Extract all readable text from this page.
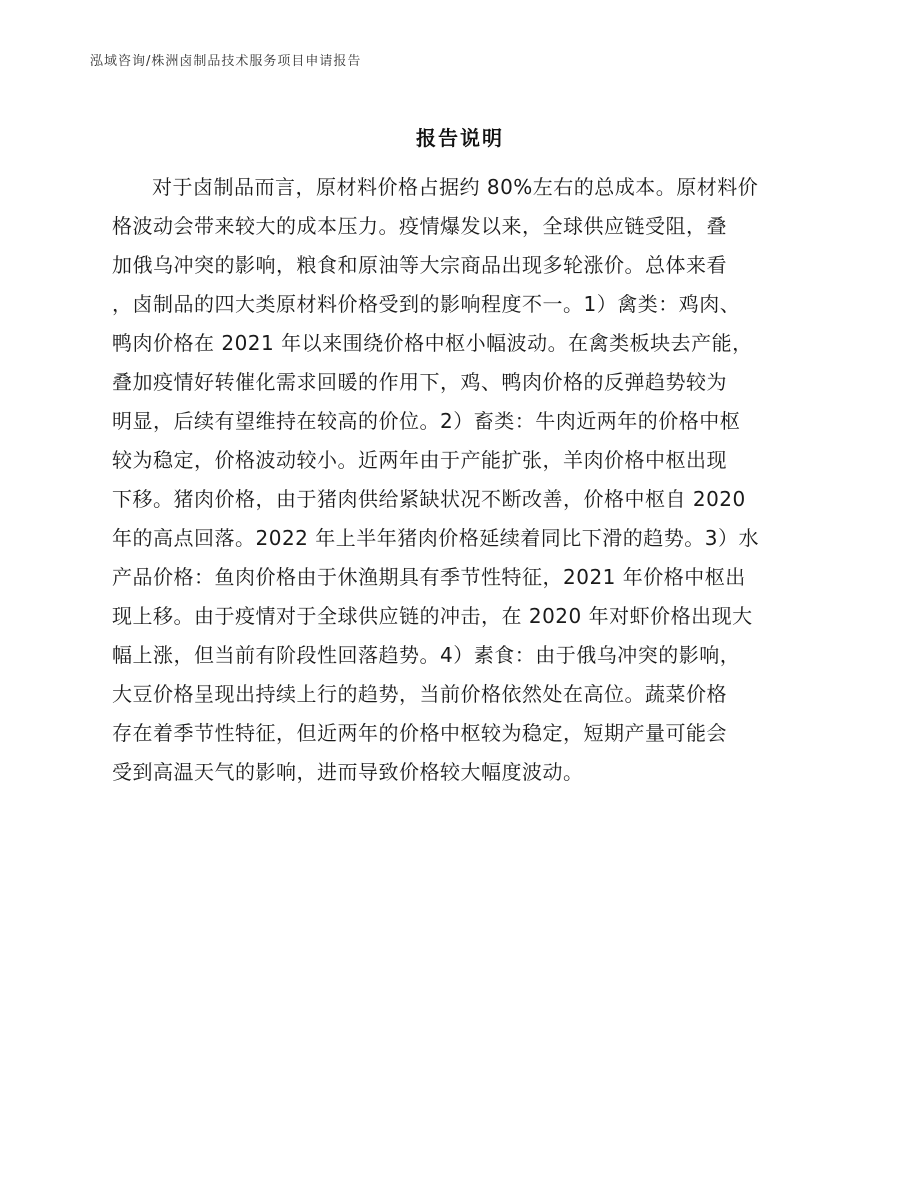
泓域咨询/株洲卤制品技术服务项目申请报告
报告说明
对于卤制品而言，原材料价格占据约 80%左右的总成本。原材料价
格波动会带来较大的成本压力。疫情爆发以来，全球供应链受阻，叠
加俄乌冲突的影响，粮食和原油等大宗商品出现多轮涨价。总体来看
，卤制品的四大类原材料价格受到的影响程度不一。1）禽类：鸡肉、
鸭肉价格在 2021 年以来围绕价格中枢小幅波动。在禽类板块去产能，
叠加疫情好转催化需求回暖的作用下，鸡、鸭肉价格的反弹趋势较为
明显，后续有望维持在较高的价位。2）畜类：牛肉近两年的价格中枢
较为稳定，价格波动较小。近两年由于产能扩张，羊肉价格中枢出现
下移。猪肉价格，由于猪肉供给紧缺状况不断改善，价格中枢自 2020
年的高点回落。2022 年上半年猪肉价格延续着同比下滑的趋势。3）水
产品价格：鱼肉价格由于休渔期具有季节性特征，2021 年价格中枢出
现上移。由于疫情对于全球供应链的冲击，在 2020 年对虾价格出现大
幅上涨，但当前有阶段性回落趋势。4）素食：由于俄乌冲突的影响，
大豆价格呈现出持续上行的趋势，当前价格依然处在高位。蔬菜价格
存在着季节性特征，但近两年的价格中枢较为稳定，短期产量可能会
受到高温天气的影响，进而导致价格较大幅度波动。
